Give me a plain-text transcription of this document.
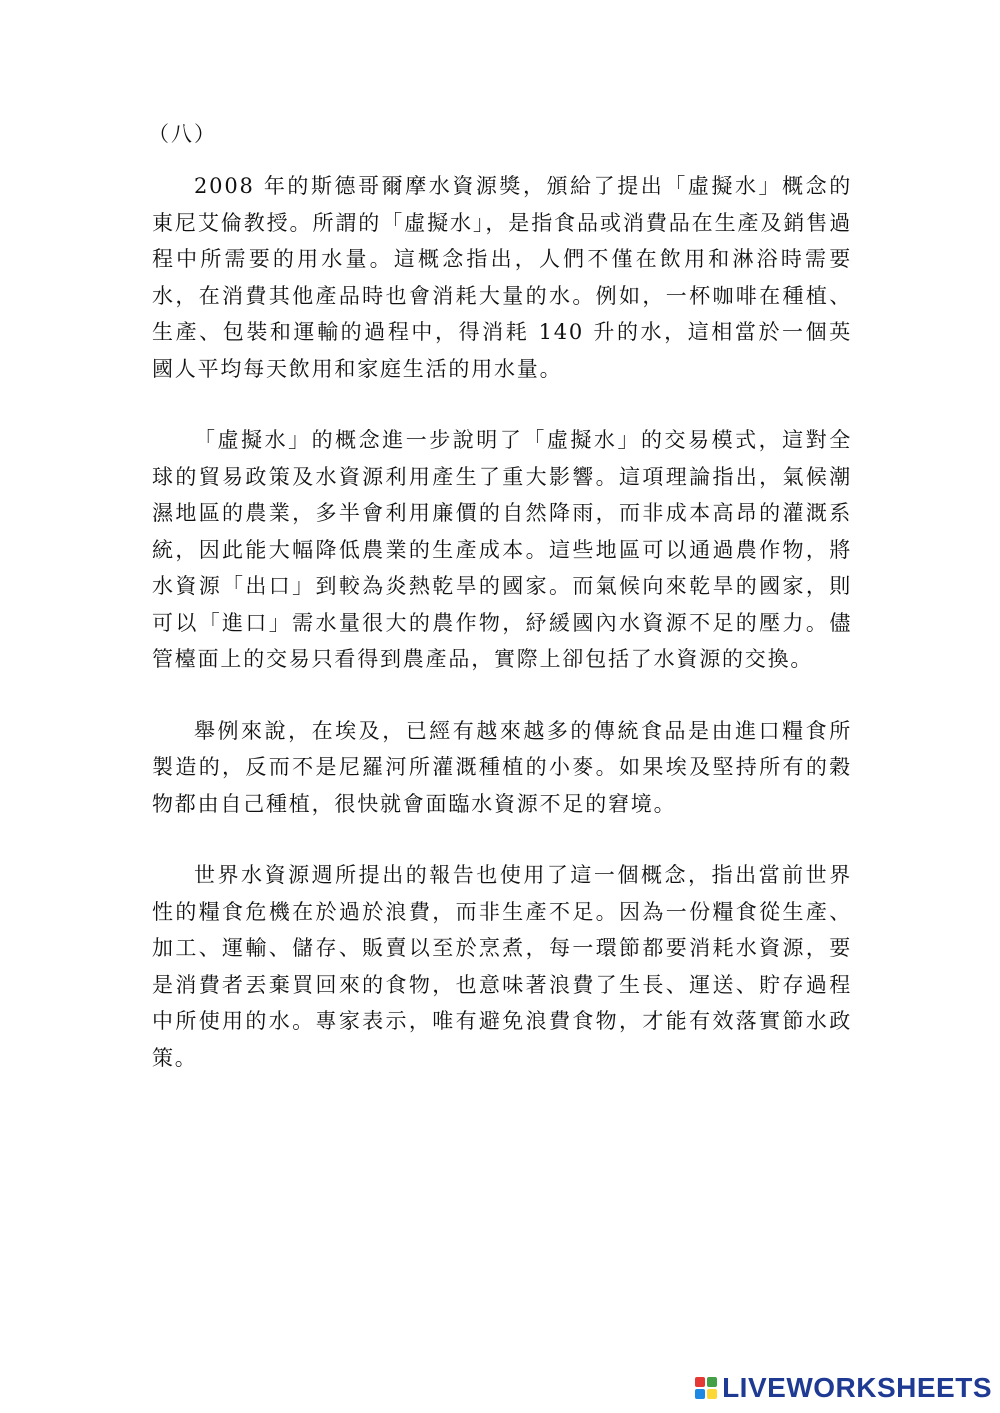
（八）

2008 年的斯德哥爾摩水資源獎，頒給了提出「虛擬水」概念的東尼艾倫教授。所謂的「虛擬水」，是指食品或消費品在生產及銷售過程中所需要的用水量。這概念指出，人們不僅在飲用和淋浴時需要水，在消費其他產品時也會消耗大量的水。例如，一杯咖啡在種植、生產、包裝和運輸的過程中，得消耗 140 升的水，這相當於一個英國人平均每天飲用和家庭生活的用水量。

「虛擬水」的概念進一步說明了「虛擬水」的交易模式，這對全球的貿易政策及水資源利用產生了重大影響。這項理論指出，氣候潮濕地區的農業，多半會利用廉價的自然降雨，而非成本高昂的灌溉系統，因此能大幅降低農業的生產成本。這些地區可以通過農作物，將水資源「出口」到較為炎熱乾旱的國家。而氣候向來乾旱的國家，則可以「進口」需水量很大的農作物，紓緩國內水資源不足的壓力。儘管檯面上的交易只看得到農產品，實際上卻包括了水資源的交換。

舉例來說，在埃及，已經有越來越多的傳統食品是由進口糧食所製造的，反而不是尼羅河所灌溉種植的小麥。如果埃及堅持所有的穀物都由自己種植，很快就會面臨水資源不足的窘境。

世界水資源週所提出的報告也使用了這一個概念，指出當前世界性的糧食危機在於過於浪費，而非生產不足。因為一份糧食從生產、加工、運輸、儲存、販賣以至於烹煮，每一環節都要消耗水資源，要是消費者丟棄買回來的食物，也意味著浪費了生長、運送、貯存過程中所使用的水。專家表示，唯有避免浪費食物，才能有效落實節水政策。

LIVEWORKSHEETS
